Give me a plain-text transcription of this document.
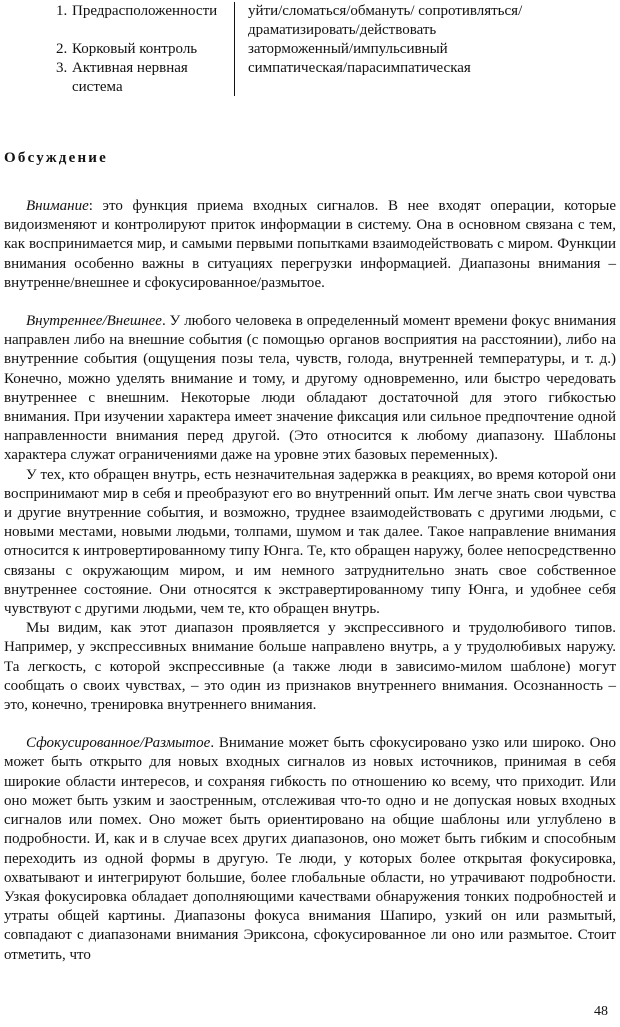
1. Предрасположенности	уйти/сломаться/обмануть/ сопротивляться/драматизировать/действовать
2. Корковый контроль	заторможенный/импульсивный
3. Активная нервная система
симпатическая/парасимпатическая
Обсуждение

Внимание: это функция приема входных сигналов. В нее входят операции, которые видоизменяют и контролируют приток информации в систему. Она в основном связана с тем, как воспринимается мир, и самыми первыми попытками взаимодействовать с миром. Функции внимания особенно важны в ситуациях перегрузки информацией. Диапазоны внимания – внутренне/внешнее и сфокусированное/размытое.

Внутреннее/Внешнее. У любого человека в определенный момент времени фокус внимания направлен либо на внешние события (с помощью органов восприятия на расстоянии), либо на внутренние события (ощущения позы тела, чувств, голода, внутренней температуры, и т. д.) Конечно, можно уделять внимание и тому, и другому одновременно, или быстро чередовать внутреннее с внешним. Некоторые люди обладают достаточной для этого гибкостью внимания. При изучении характера имеет значение фиксация или сильное предпочтение одной направленности внимания перед другой. (Это относится к любому диапазону. Шаблоны характера служат ограничениями даже на уровне этих базовых переменных).

У тех, кто обращен внутрь, есть незначительная задержка в реакциях, во время которой они воспринимают мир в себя и преобразуют его во внутренний опыт. Им легче знать свои чувства и другие внутренние события, и возможно, труднее взаимодействовать с другими людьми, с новыми местами, новыми людьми, толпами, шумом и так далее. Такое направление внимания относится к интровертированному типу Юнга. Те, кто обращен наружу, более непосредственно связаны с окружающим миром, и им немного затруднительно знать свое собственное внутреннее состояние. Они относятся к экстравертированному типу Юнга, и удобнее себя чувствуют с другими людьми, чем те, кто обращен внутрь.

Мы видим, как этот диапазон проявляется у экспрессивного и трудолюбивого типов. Например, у экспрессивных внимание больше направлено внутрь, а у трудолюбивых наружу. Та легкость, с которой экспрессивные (а также люди в зависимо-милом шаблоне) могут сообщать о своих чувствах, – это один из признаков внутреннего внимания. Осознанность – это, конечно, тренировка внутреннего внимания.

Сфокусированное/Размытое. Внимание может быть сфокусировано узко или широко. Оно может быть открыто для новых входных сигналов из новых источников, принимая в себя широкие области интересов, и сохраняя гибкость по отношению ко всему, что приходит. Или оно может быть узким и заостренным, отслеживая что-то одно и не допуская новых входных сигналов или помех. Оно может быть ориентировано на общие шаблоны или углублено в подробности. И, как и в случае всех других диапазонов, оно может быть гибким и способным переходить из одной формы в другую. Те люди, у которых более открытая фокусировка, охватывают и интегрируют большие, более глобальные области, но утрачивают подробности. Узкая фокусировка обладает дополняющими качествами обнаружения тонких подробностей и утраты общей картины. Диапазоны фокуса внимания Шапиро, узкий он или размытый, совпадают с диапазонами внимания Эриксона, сфокусированное ли оно или размытое. Стоит отметить, что

48
